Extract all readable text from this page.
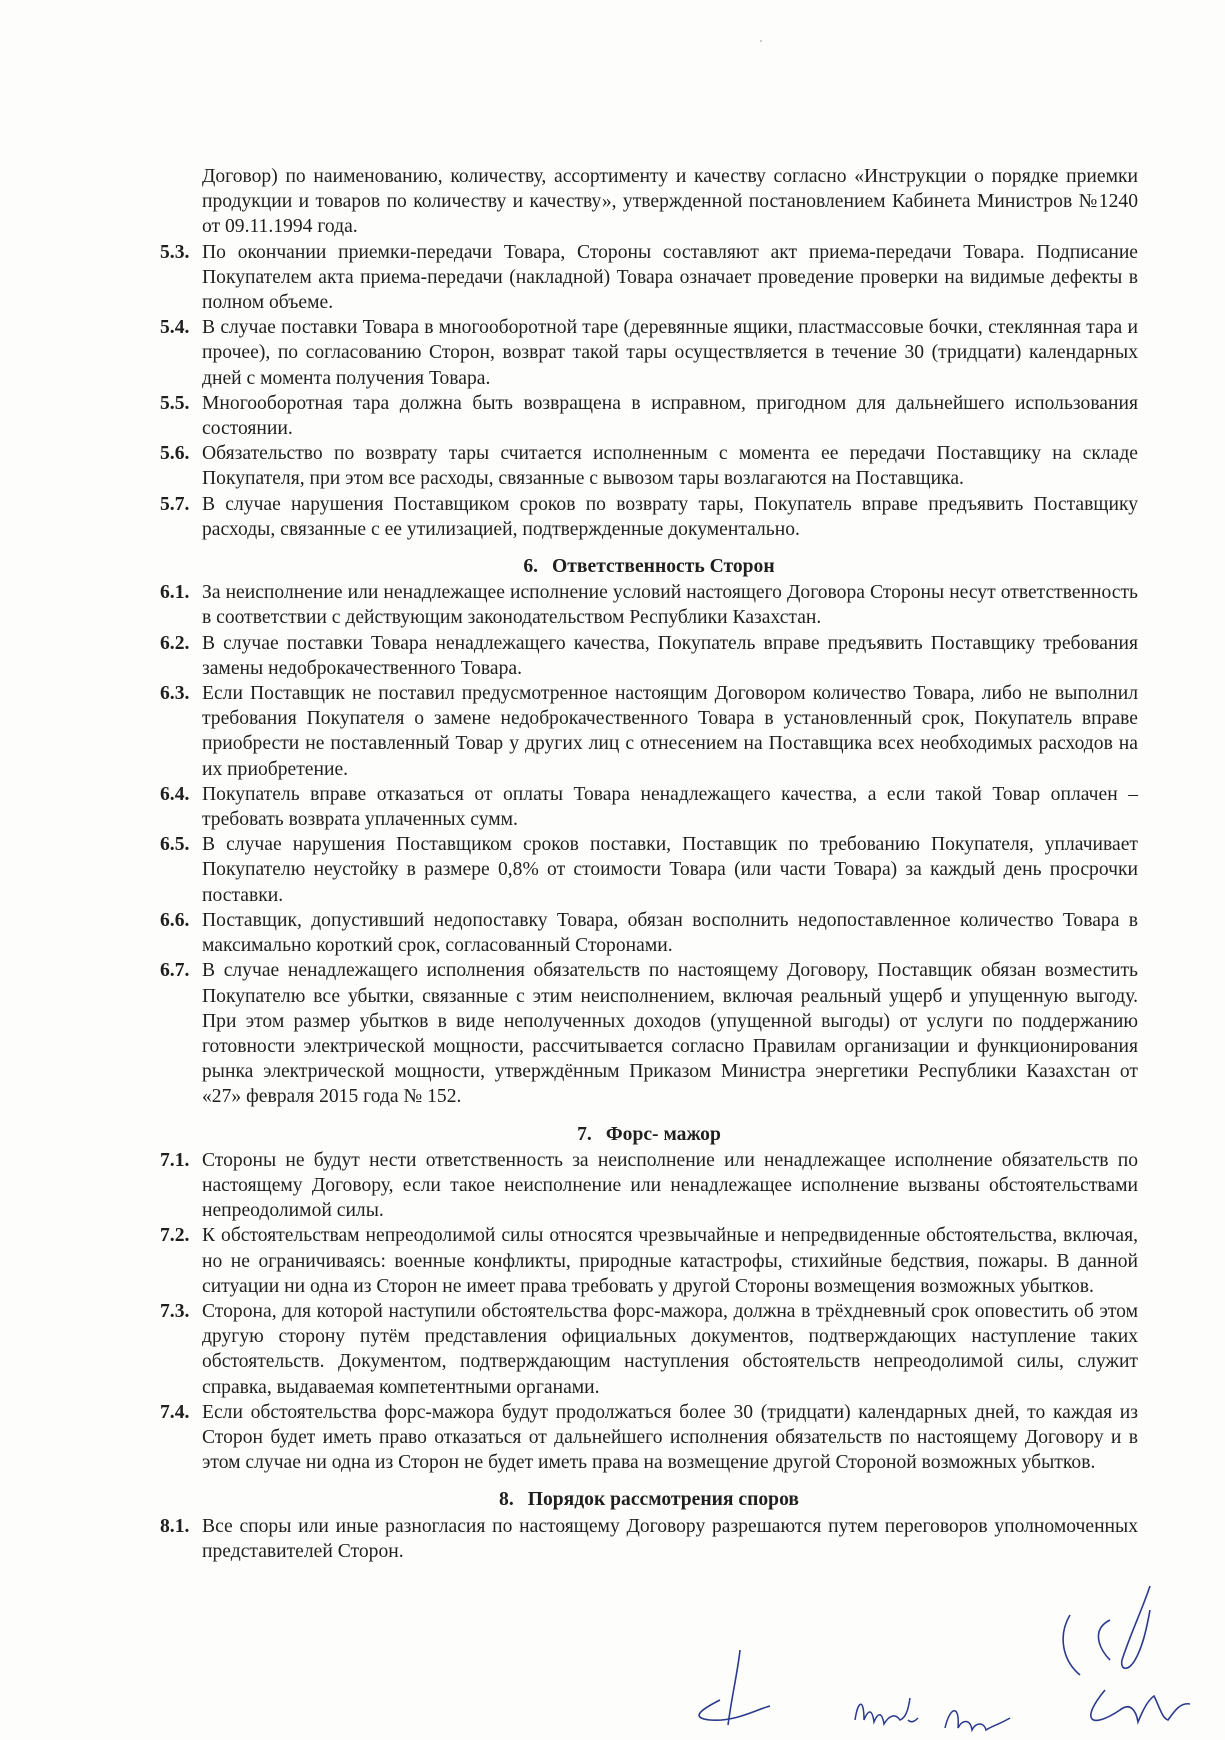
Договор) по наименованию, количеству, ассортименту и качеству согласно «Инструкции о порядке приемки продукции и товаров по количеству и качеству», утвержденной постановлением Кабинета Министров №1240 от 09.11.1994 года.

5.3. По окончании приемки-передачи Товара, Стороны составляют акт приема-передачи Товара. Подписание Покупателем акта приема-передачи (накладной) Товара означает проведение проверки на видимые дефекты в полном объеме.

5.4. В случае поставки Товара в многооборотной таре (деревянные ящики, пластмассовые бочки, стеклянная тара и прочее), по согласованию Сторон, возврат такой тары осуществляется в течение 30 (тридцати) календарных дней с момента получения Товара.

5.5. Многооборотная тара должна быть возвращена в исправном, пригодном для дальнейшего использования состоянии.

5.6. Обязательство по возврату тары считается исполненным с момента ее передачи Поставщику на складе Покупателя, при этом все расходы, связанные с вывозом тары возлагаются на Поставщика.

5.7. В случае нарушения Поставщиком сроков по возврату тары, Покупатель вправе предъявить Поставщику расходы, связанные с ее утилизацией, подтвержденные документально.

6. Ответственность Сторон

6.1. За неисполнение или ненадлежащее исполнение условий настоящего Договора Стороны несут ответственность в соответствии с действующим законодательством Республики Казахстан.

6.2. В случае поставки Товара ненадлежащего качества, Покупатель вправе предъявить Поставщику требования замены недоброкачественного Товара.

6.3. Если Поставщик не поставил предусмотренное настоящим Договором количество Товара, либо не выполнил требования Покупателя о замене недоброкачественного Товара в установленный срок, Покупатель вправе приобрести не поставленный Товар у других лиц с отнесением на Поставщика всех необходимых расходов на их приобретение.

6.4. Покупатель вправе отказаться от оплаты Товара ненадлежащего качества, а если такой Товар оплачен – требовать возврата уплаченных сумм.

6.5. В случае нарушения Поставщиком сроков поставки, Поставщик по требованию Покупателя, уплачивает Покупателю неустойку в размере 0,8% от стоимости Товара (или части Товара) за каждый день просрочки поставки.

6.6. Поставщик, допустивший недопоставку Товара, обязан восполнить недопоставленное количество Товара в максимально короткий срок, согласованный Сторонами.

6.7. В случае ненадлежащего исполнения обязательств по настоящему Договору, Поставщик обязан возместить Покупателю все убытки, связанные с этим неисполнением, включая реальный ущерб и упущенную выгоду. При этом размер убытков в виде неполученных доходов (упущенной выгоды) от услуги по поддержанию готовности электрической мощности, рассчитывается согласно Правилам организации и функционирования рынка электрической мощности, утверждённым Приказом Министра энергетики Республики Казахстан от «27» февраля 2015 года № 152.

7. Форс- мажор

7.1. Стороны не будут нести ответственность за неисполнение или ненадлежащее исполнение обязательств по настоящему Договору, если такое неисполнение или ненадлежащее исполнение вызваны обстоятельствами непреодолимой силы.

7.2. К обстоятельствам непреодолимой силы относятся чрезвычайные и непредвиденные обстоятельства, включая, но не ограничиваясь: военные конфликты, природные катастрофы, стихийные бедствия, пожары. В данной ситуации ни одна из Сторон не имеет права требовать у другой Стороны возмещения возможных убытков.

7.3. Сторона, для которой наступили обстоятельства форс-мажора, должна в трёхдневный срок оповестить об этом другую сторону путём представления официальных документов, подтверждающих наступление таких обстоятельств. Документом, подтверждающим наступления обстоятельств непреодолимой силы, служит справка, выдаваемая компетентными органами.

7.4. Если обстоятельства форс-мажора будут продолжаться более 30 (тридцати) календарных дней, то каждая из Сторон будет иметь право отказаться от дальнейшего исполнения обязательств по настоящему Договору и в этом случае ни одна из Сторон не будет иметь права на возмещение другой Стороной возможных убытков.

8. Порядок рассмотрения споров

8.1. Все споры или иные разногласия по настоящему Договору разрешаются путем переговоров уполномоченных представителей Сторон.
